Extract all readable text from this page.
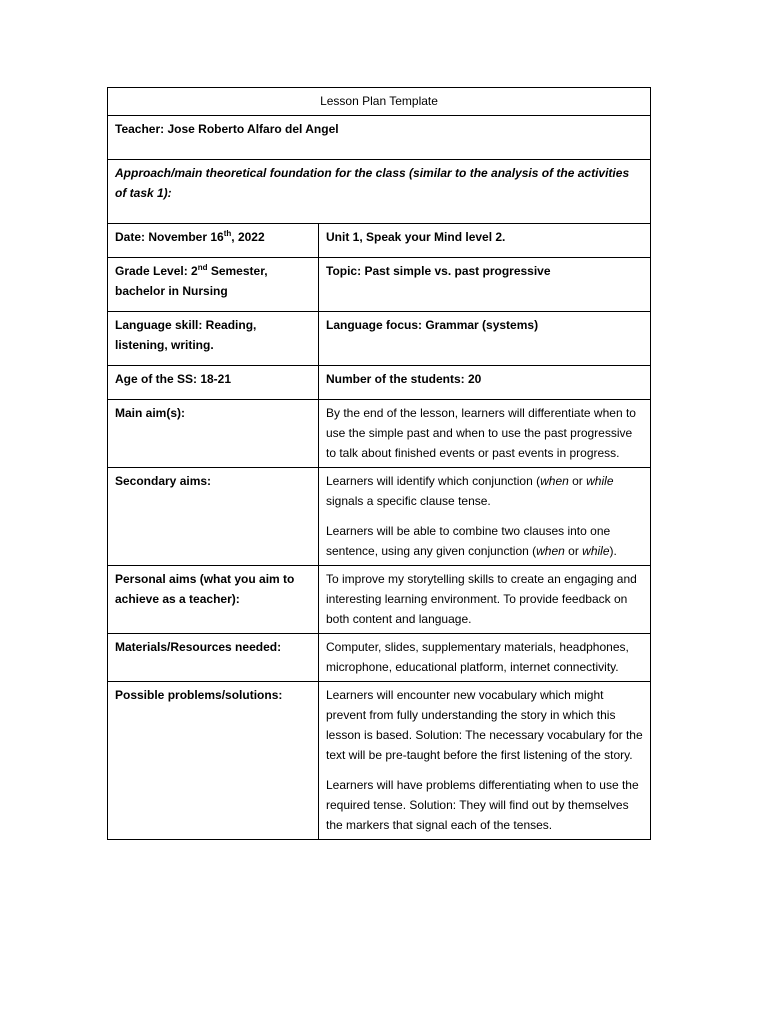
Lesson Plan Template	
Teacher: Jose Roberto Alfaro del Angel	
Approach/main theoretical foundation for the class (similar to the analysis of the activities of task 1):	
Date: November 16th, 2022	Unit 1, Speak your Mind level 2.
Grade Level: 2nd Semester, bachelor in Nursing	Topic: Past simple vs. past progressive
Language skill: Reading, listening, writing.	Language focus: Grammar (systems)
Age of the SS: 18-21	Number of the students: 20
Main aim(s):	By the end of the lesson, learners will differentiate when to use the simple past and when to use the past progressive to talk about finished events or past events in progress.
Secondary aims:	Learners will identify which conjunction (when or while signals a specific clause tense.

Learners will be able to combine two clauses into one sentence, using any given conjunction (when or while).

Personal aims (what you aim to achieve as a teacher):	To improve my storytelling skills to create an engaging and interesting learning environment. To provide feedback on both content and language.
Materials/Resources needed:	Computer, slides, supplementary materials, headphones, microphone, educational platform, internet connectivity.
Possible problems/solutions:	Learners will encounter new vocabulary which might prevent from fully understanding the story in which this lesson is based. Solution: The necessary vocabulary for the text will be pre-taught before the first listening of the story.

Learners will have problems differentiating when to use the required tense. Solution: They will find out by themselves the markers that signal each of the tenses.
